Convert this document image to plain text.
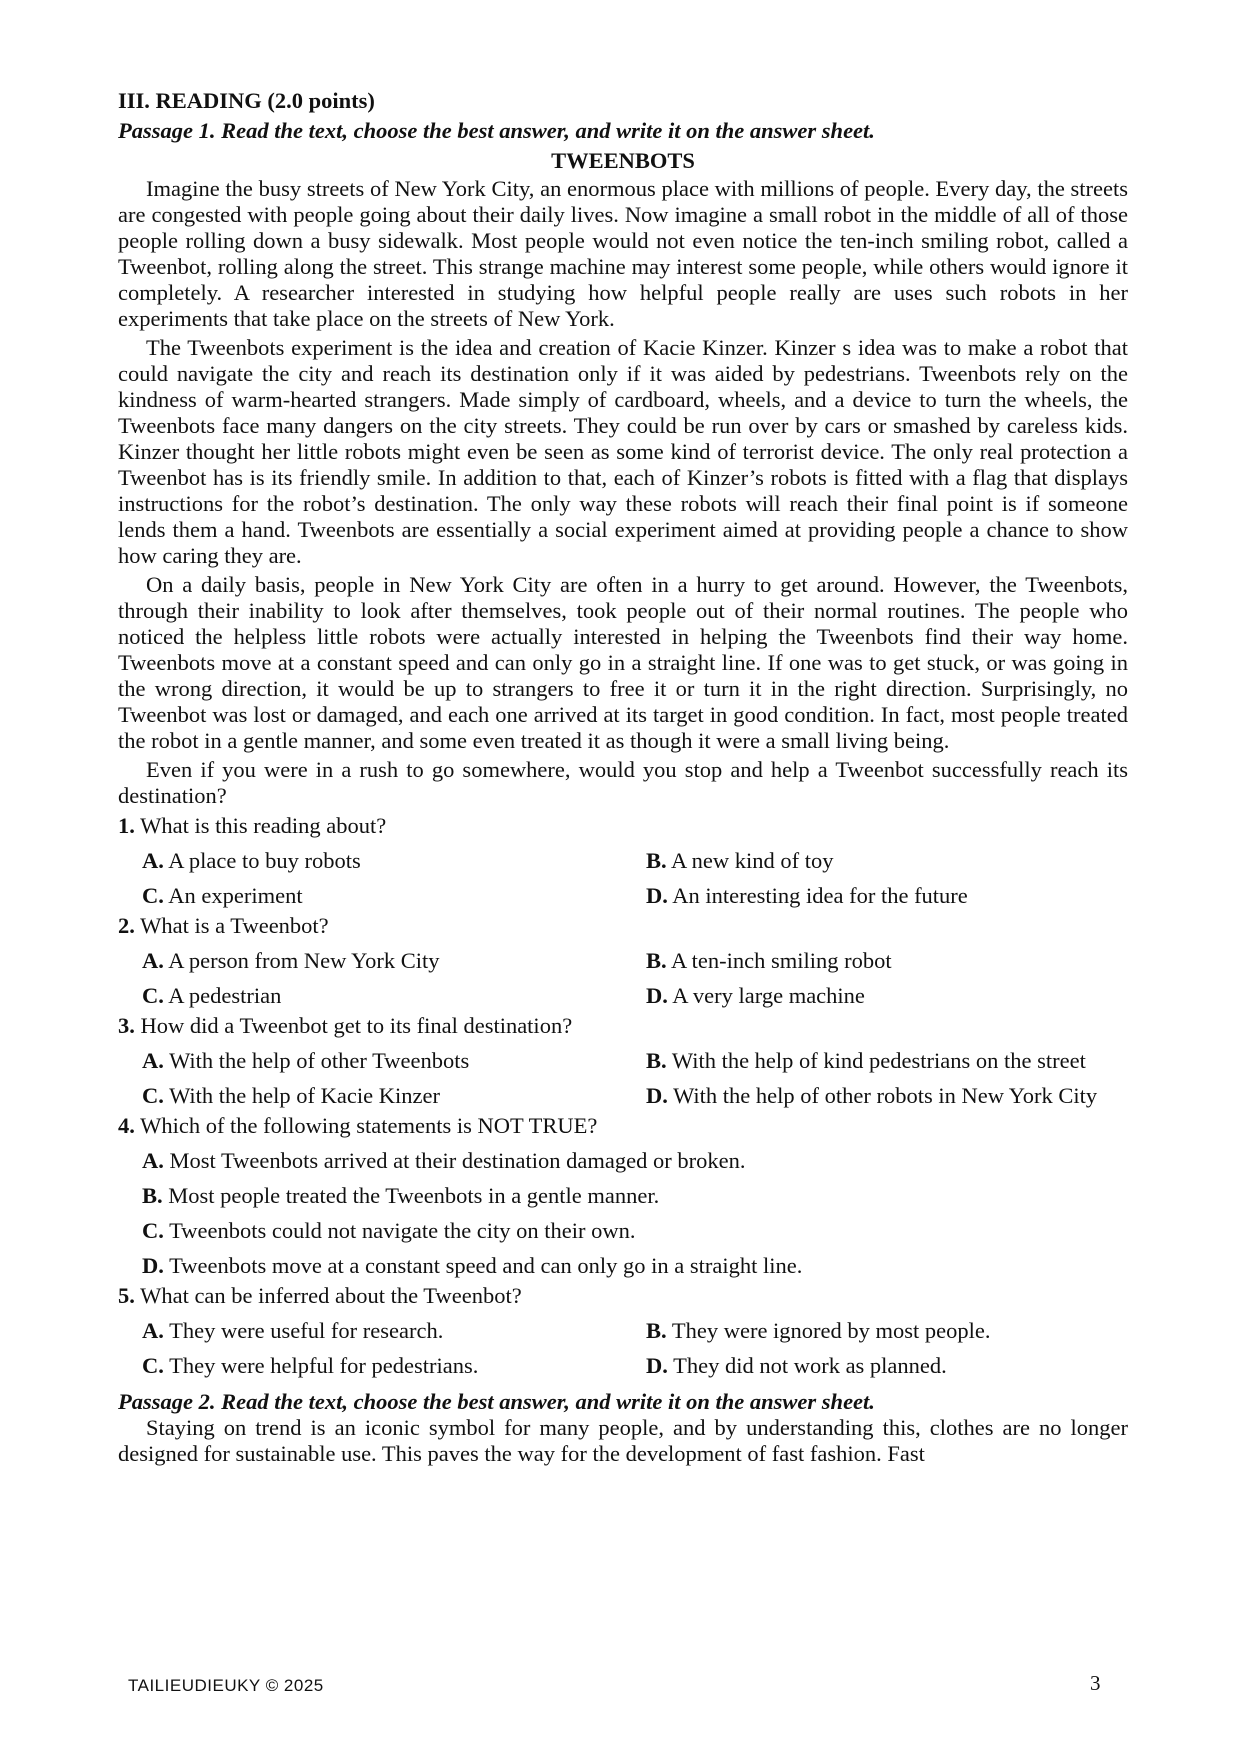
III. READING (2.0 points)
Passage 1. Read the text, choose the best answer, and write it on the answer sheet.
TWEENBOTS

Imagine the busy streets of New York City, an enormous place with millions of people. Every day, the streets are congested with people going about their daily lives. Now imagine a small robot in the middle of all of those people rolling down a busy sidewalk. Most people would not even notice the ten-inch smiling robot, called a Tweenbot, rolling along the street. This strange machine may interest some people, while others would ignore it completely. A researcher interested in studying how helpful people really are uses such robots in her experiments that take place on the streets of New York.

The Tweenbots experiment is the idea and creation of Kacie Kinzer. Kinzer s idea was to make a robot that could navigate the city and reach its destination only if it was aided by pedestrians. Tweenbots rely on the kindness of warm-hearted strangers. Made simply of cardboard, wheels, and a device to turn the wheels, the Tweenbots face many dangers on the city streets. They could be run over by cars or smashed by careless kids. Kinzer thought her little robots might even be seen as some kind of terrorist device. The only real protection a Tweenbot has is its friendly smile. In addition to that, each of Kinzer’s robots is fitted with a flag that displays instructions for the robot’s destination. The only way these robots will reach their final point is if someone lends them a hand. Tweenbots are essentially a social experiment aimed at providing people a chance to show how caring they are.

On a daily basis, people in New York City are often in a hurry to get around. However, the Tweenbots, through their inability to look after themselves, took people out of their normal routines. The people who noticed the helpless little robots were actually interested in helping the Tweenbots find their way home. Tweenbots move at a constant speed and can only go in a straight line. If one was to get stuck, or was going in the wrong direction, it would be up to strangers to free it or turn it in the right direction. Surprisingly, no Tweenbot was lost or damaged, and each one arrived at its target in good condition. In fact, most people treated the robot in a gentle manner, and some even treated it as though it were a small living being.

Even if you were in a rush to go somewhere, would you stop and help a Tweenbot successfully reach its destination?

1. What is this reading about?
A. A place to buy robots	B. A new kind of toy
C. An experiment	D. An interesting idea for the future
2. What is a Tweenbot?
A. A person from New York City	B. A ten-inch smiling robot
C. A pedestrian	D. A very large machine
3. How did a Tweenbot get to its final destination?
A. With the help of other Tweenbots	B. With the help of kind pedestrians on the street
C. With the help of Kacie Kinzer	D. With the help of other robots in New York City
4. Which of the following statements is NOT TRUE?
A. Most Tweenbots arrived at their destination damaged or broken.
B. Most people treated the Tweenbots in a gentle manner.
C. Tweenbots could not navigate the city on their own.
D. Tweenbots move at a constant speed and can only go in a straight line.
5. What can be inferred about the Tweenbot?
A. They were useful for research.	B. They were ignored by most people.
C. They were helpful for pedestrians.	D. They did not work as planned.
Passage 2. Read the text, choose the best answer, and write it on the answer sheet.

Staying on trend is an iconic symbol for many people, and by understanding this, clothes are no longer designed for sustainable use. This paves the way for the development of fast fashion. Fast

TAILIEUDIEUKY © 2025	3
